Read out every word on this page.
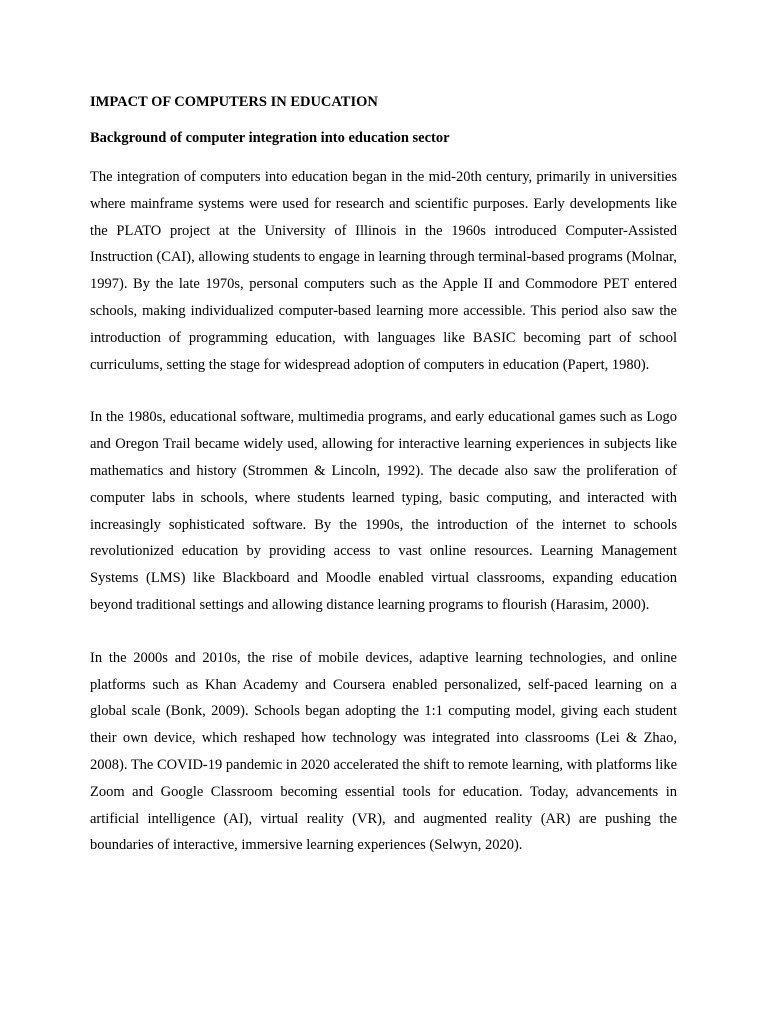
IMPACT OF COMPUTERS IN EDUCATION
Background of computer integration into education sector

The integration of computers into education began in the mid-20th century, primarily in universities where mainframe systems were used for research and scientific purposes. Early developments like the PLATO project at the University of Illinois in the 1960s introduced Computer-Assisted Instruction (CAI), allowing students to engage in learning through terminal-based programs (Molnar, 1997). By the late 1970s, personal computers such as the Apple II and Commodore PET entered schools, making individualized computer-based learning more accessible. This period also saw the introduction of programming education, with languages like BASIC becoming part of school curriculums, setting the stage for widespread adoption of computers in education (Papert, 1980).

In the 1980s, educational software, multimedia programs, and early educational games such as Logo and Oregon Trail became widely used, allowing for interactive learning experiences in subjects like mathematics and history (Strommen & Lincoln, 1992). The decade also saw the proliferation of computer labs in schools, where students learned typing, basic computing, and interacted with increasingly sophisticated software. By the 1990s, the introduction of the internet to schools revolutionized education by providing access to vast online resources. Learning Management Systems (LMS) like Blackboard and Moodle enabled virtual classrooms, expanding education beyond traditional settings and allowing distance learning programs to flourish (Harasim, 2000).

In the 2000s and 2010s, the rise of mobile devices, adaptive learning technologies, and online platforms such as Khan Academy and Coursera enabled personalized, self-paced learning on a global scale (Bonk, 2009). Schools began adopting the 1:1 computing model, giving each student their own device, which reshaped how technology was integrated into classrooms (Lei & Zhao, 2008). The COVID-19 pandemic in 2020 accelerated the shift to remote learning, with platforms like Zoom and Google Classroom becoming essential tools for education. Today, advancements in artificial intelligence (AI), virtual reality (VR), and augmented reality (AR) are pushing the boundaries of interactive, immersive learning experiences (Selwyn, 2020).
